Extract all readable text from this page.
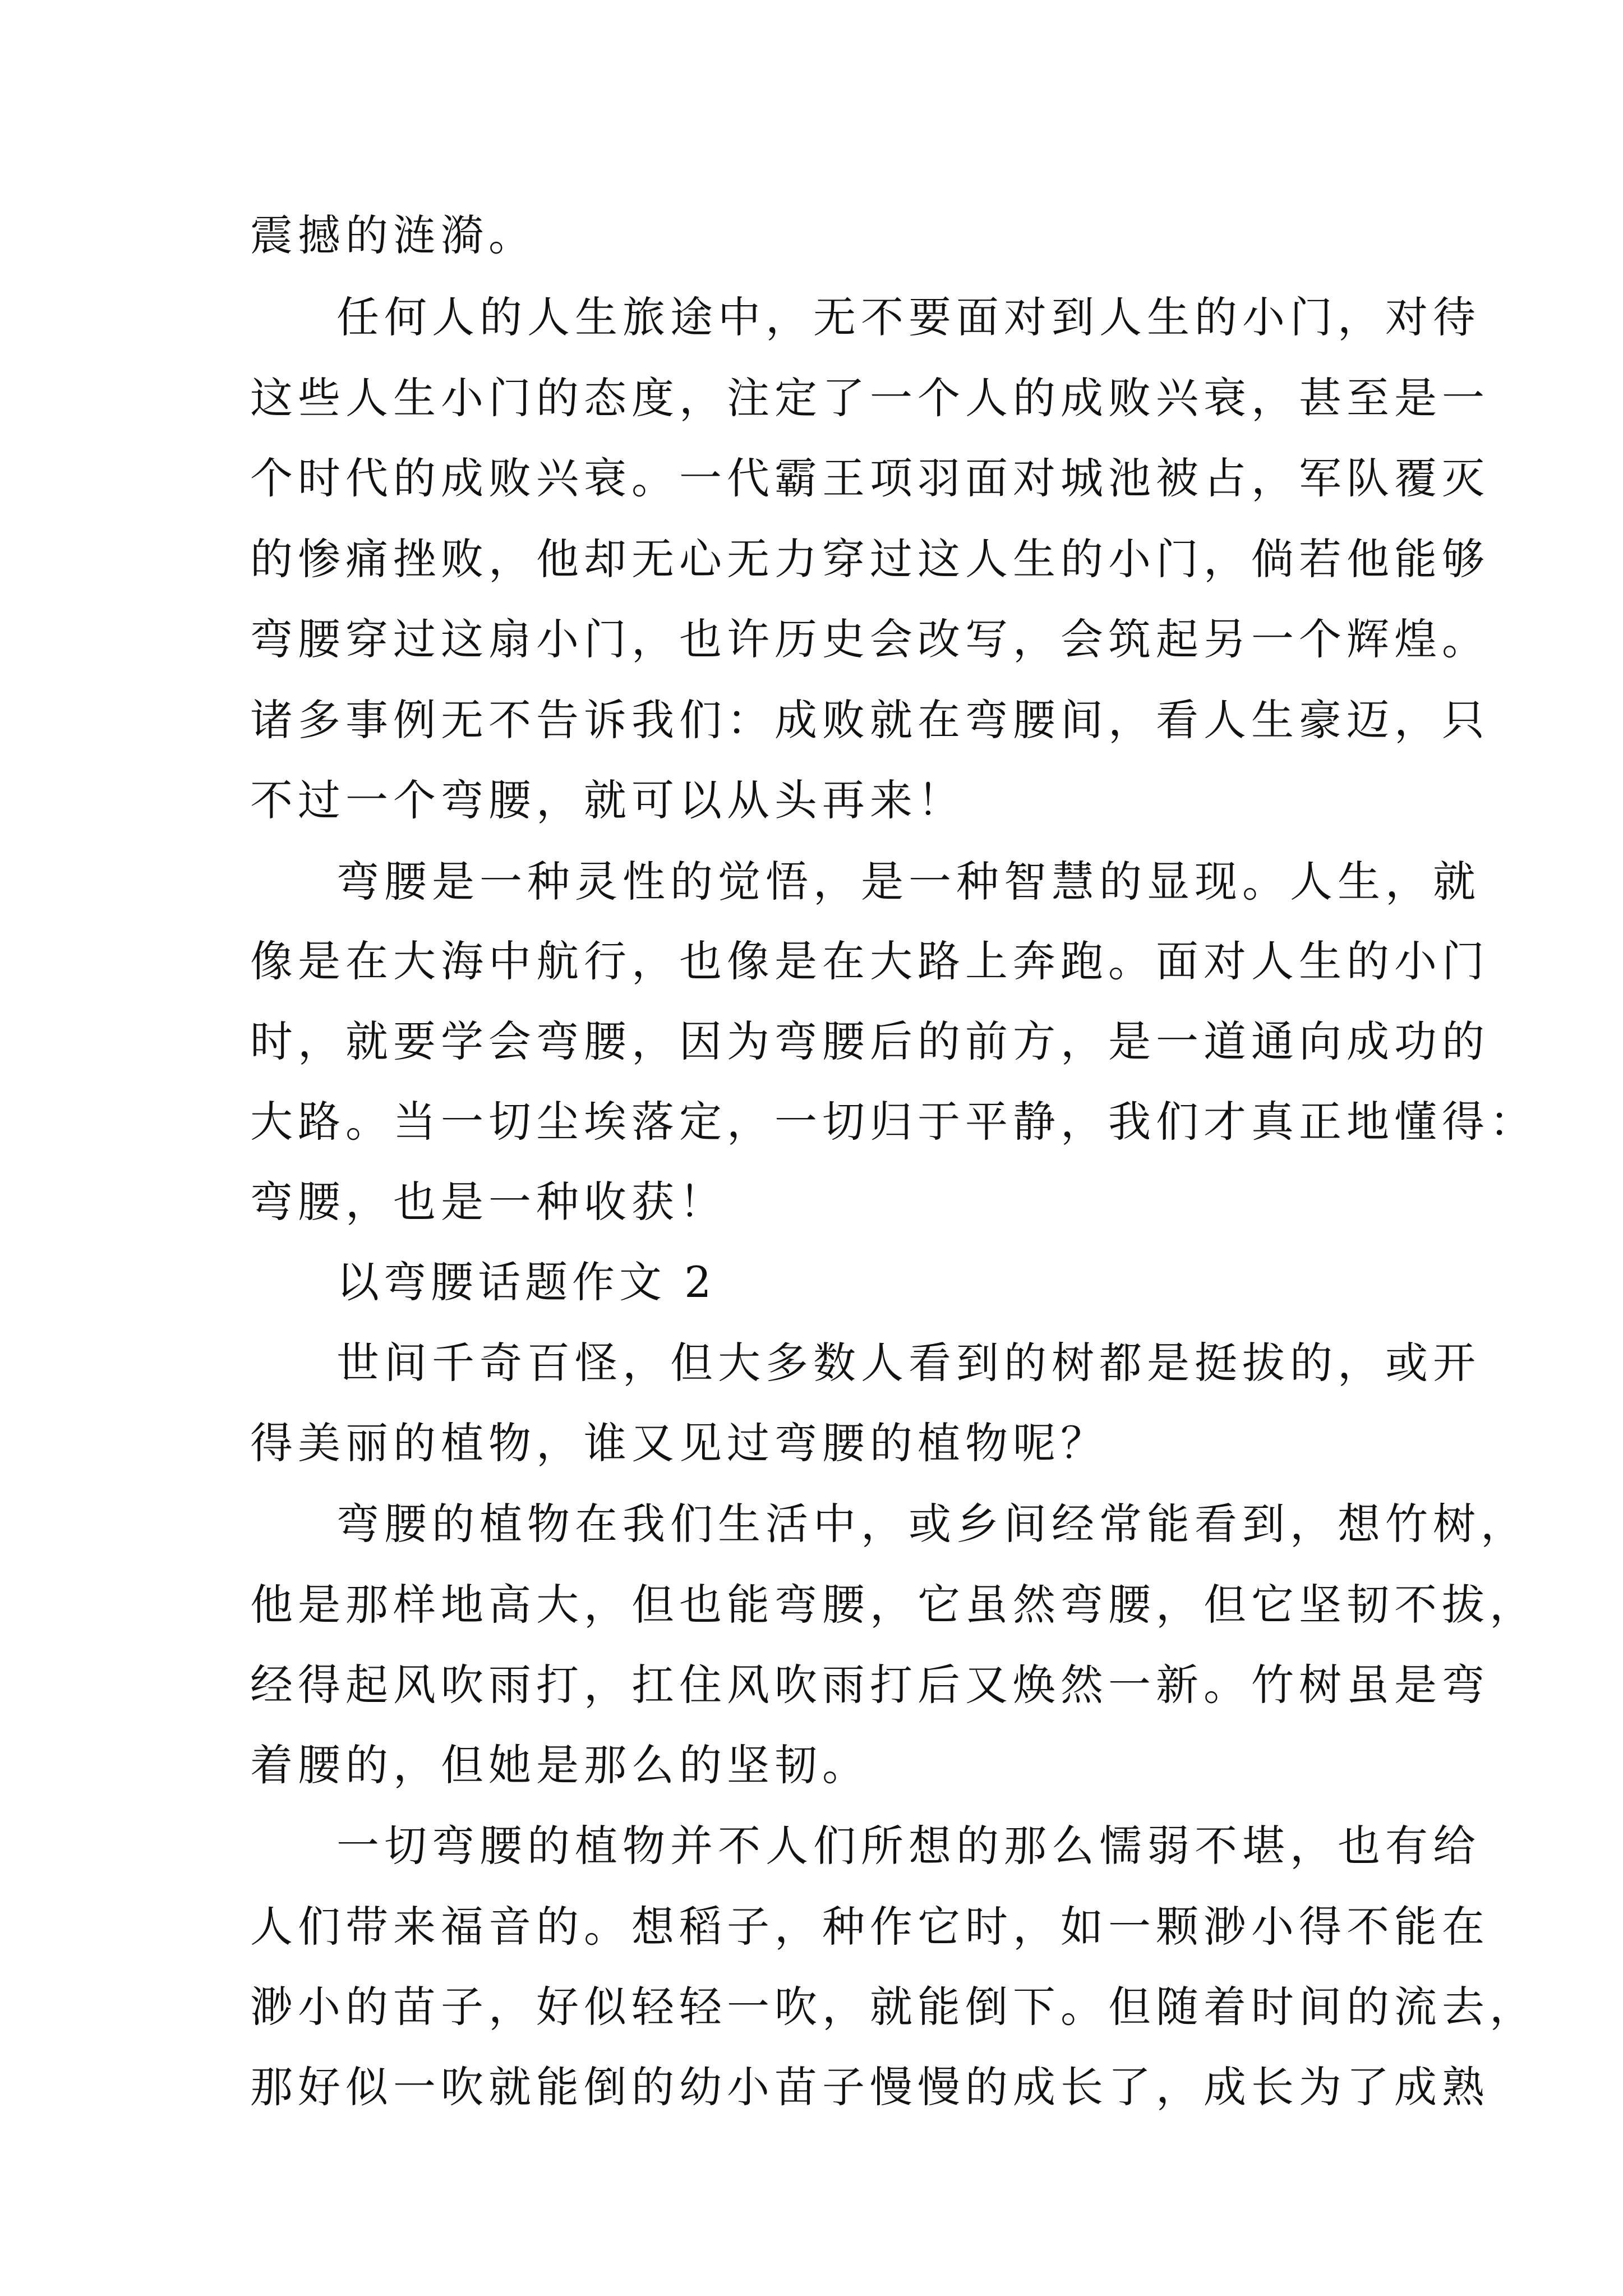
震撼的涟漪。
任何人的人生旅途中，无不要面对到人生的小门，对待
这些人生小门的态度，注定了一个人的成败兴衰，甚至是一
个时代的成败兴衰。一代霸王项羽面对城池被占，军队覆灭
的惨痛挫败，他却无心无力穿过这人生的小门，倘若他能够
弯腰穿过这扇小门，也许历史会改写，会筑起另一个辉煌。
诸多事例无不告诉我们：成败就在弯腰间，看人生豪迈，只
不过一个弯腰，就可以从头再来！
弯腰是一种灵性的觉悟，是一种智慧的显现。人生，就
像是在大海中航行，也像是在大路上奔跑。面对人生的小门
时，就要学会弯腰，因为弯腰后的前方，是一道通向成功的
大路。当一切尘埃落定，一切归于平静，我们才真正地懂得：
弯腰，也是一种收获！
以弯腰话题作文 2
世间千奇百怪，但大多数人看到的树都是挺拔的，或开
得美丽的植物，谁又见过弯腰的植物呢？
弯腰的植物在我们生活中，或乡间经常能看到，想竹树，
他是那样地高大，但也能弯腰，它虽然弯腰，但它坚韧不拔，
经得起风吹雨打，扛住风吹雨打后又焕然一新。竹树虽是弯
着腰的，但她是那么的坚韧。
一切弯腰的植物并不人们所想的那么懦弱不堪，也有给
人们带来福音的。想稻子，种作它时，如一颗渺小得不能在
渺小的苗子，好似轻轻一吹，就能倒下。但随着时间的流去，
那好似一吹就能倒的幼小苗子慢慢的成长了，成长为了成熟
